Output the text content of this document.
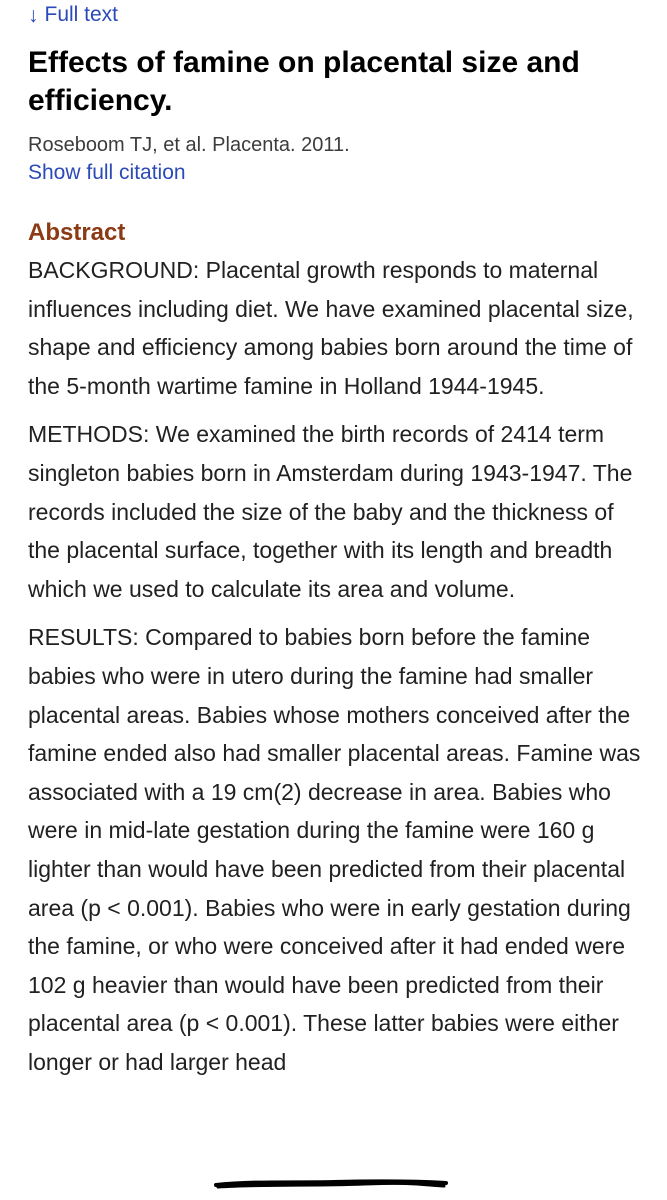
↓ Full text
Effects of famine on placental size and efficiency.
Roseboom TJ, et al. Placenta. 2011.
Show full citation
Abstract

BACKGROUND: Placental growth responds to maternal influences including diet. We have examined placental size, shape and efficiency among babies born around the time of the 5-month wartime famine in Holland 1944-1945.

METHODS: We examined the birth records of 2414 term singleton babies born in Amsterdam during 1943-1947. The records included the size of the baby and the thickness of the placental surface, together with its length and breadth which we used to calculate its area and volume.

RESULTS: Compared to babies born before the famine babies who were in utero during the famine had smaller placental areas. Babies whose mothers conceived after the famine ended also had smaller placental areas. Famine was associated with a 19 cm(2) decrease in area. Babies who were in mid-late gestation during the famine were 160 g lighter than would have been predicted from their placental area (p < 0.001). Babies who were in early gestation during the famine, or who were conceived after it had ended were 102 g heavier than would have been predicted from their placental area (p < 0.001). These latter babies were either longer or had larger head
